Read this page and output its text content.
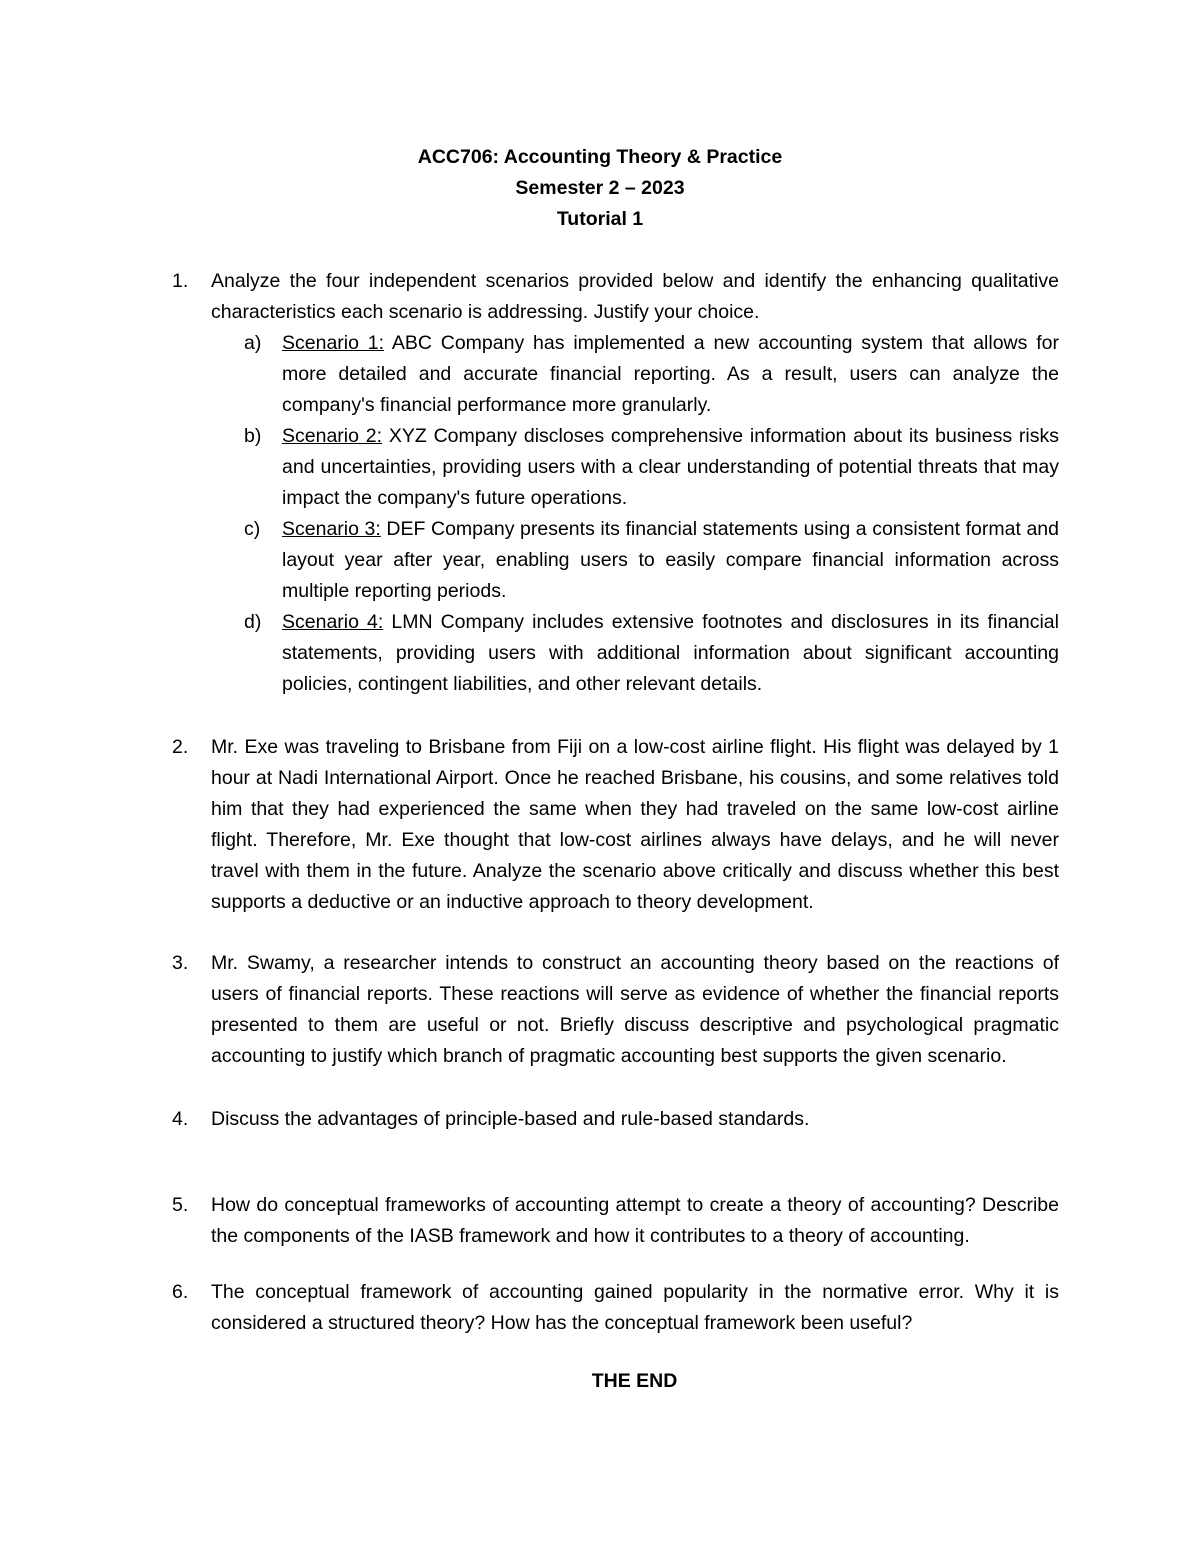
ACC706: Accounting Theory & Practice
Semester 2 – 2023
Tutorial 1
1.	Analyze the four independent scenarios provided below and identify the enhancing qualitative characteristics each scenario is addressing. Justify your choice.
a) Scenario 1: ABC Company has implemented a new accounting system that allows for more detailed and accurate financial reporting. As a result, users can analyze the company's financial performance more granularly.
b) Scenario 2: XYZ Company discloses comprehensive information about its business risks and uncertainties, providing users with a clear understanding of potential threats that may impact the company's future operations.
c) Scenario 3: DEF Company presents its financial statements using a consistent format and layout year after year, enabling users to easily compare financial information across multiple reporting periods.
d) Scenario 4: LMN Company includes extensive footnotes and disclosures in its financial statements, providing users with additional information about significant accounting policies, contingent liabilities, and other relevant details.
2.	Mr. Exe was traveling to Brisbane from Fiji on a low-cost airline flight. His flight was delayed by 1 hour at Nadi International Airport. Once he reached Brisbane, his cousins, and some relatives told him that they had experienced the same when they had traveled on the same low-cost airline flight. Therefore, Mr. Exe thought that low-cost airlines always have delays, and he will never travel with them in the future. Analyze the scenario above critically and discuss whether this best supports a deductive or an inductive approach to theory development.
3.	Mr. Swamy, a researcher intends to construct an accounting theory based on the reactions of users of financial reports. These reactions will serve as evidence of whether the financial reports presented to them are useful or not. Briefly discuss descriptive and psychological pragmatic accounting to justify which branch of pragmatic accounting best supports the given scenario.
4.	Discuss the advantages of principle-based and rule-based standards.
5.	How do conceptual frameworks of accounting attempt to create a theory of accounting? Describe the components of the IASB framework and how it contributes to a theory of accounting.
6.	The conceptual framework of accounting gained popularity in the normative error. Why it is considered a structured theory? How has the conceptual framework been useful?
THE END
